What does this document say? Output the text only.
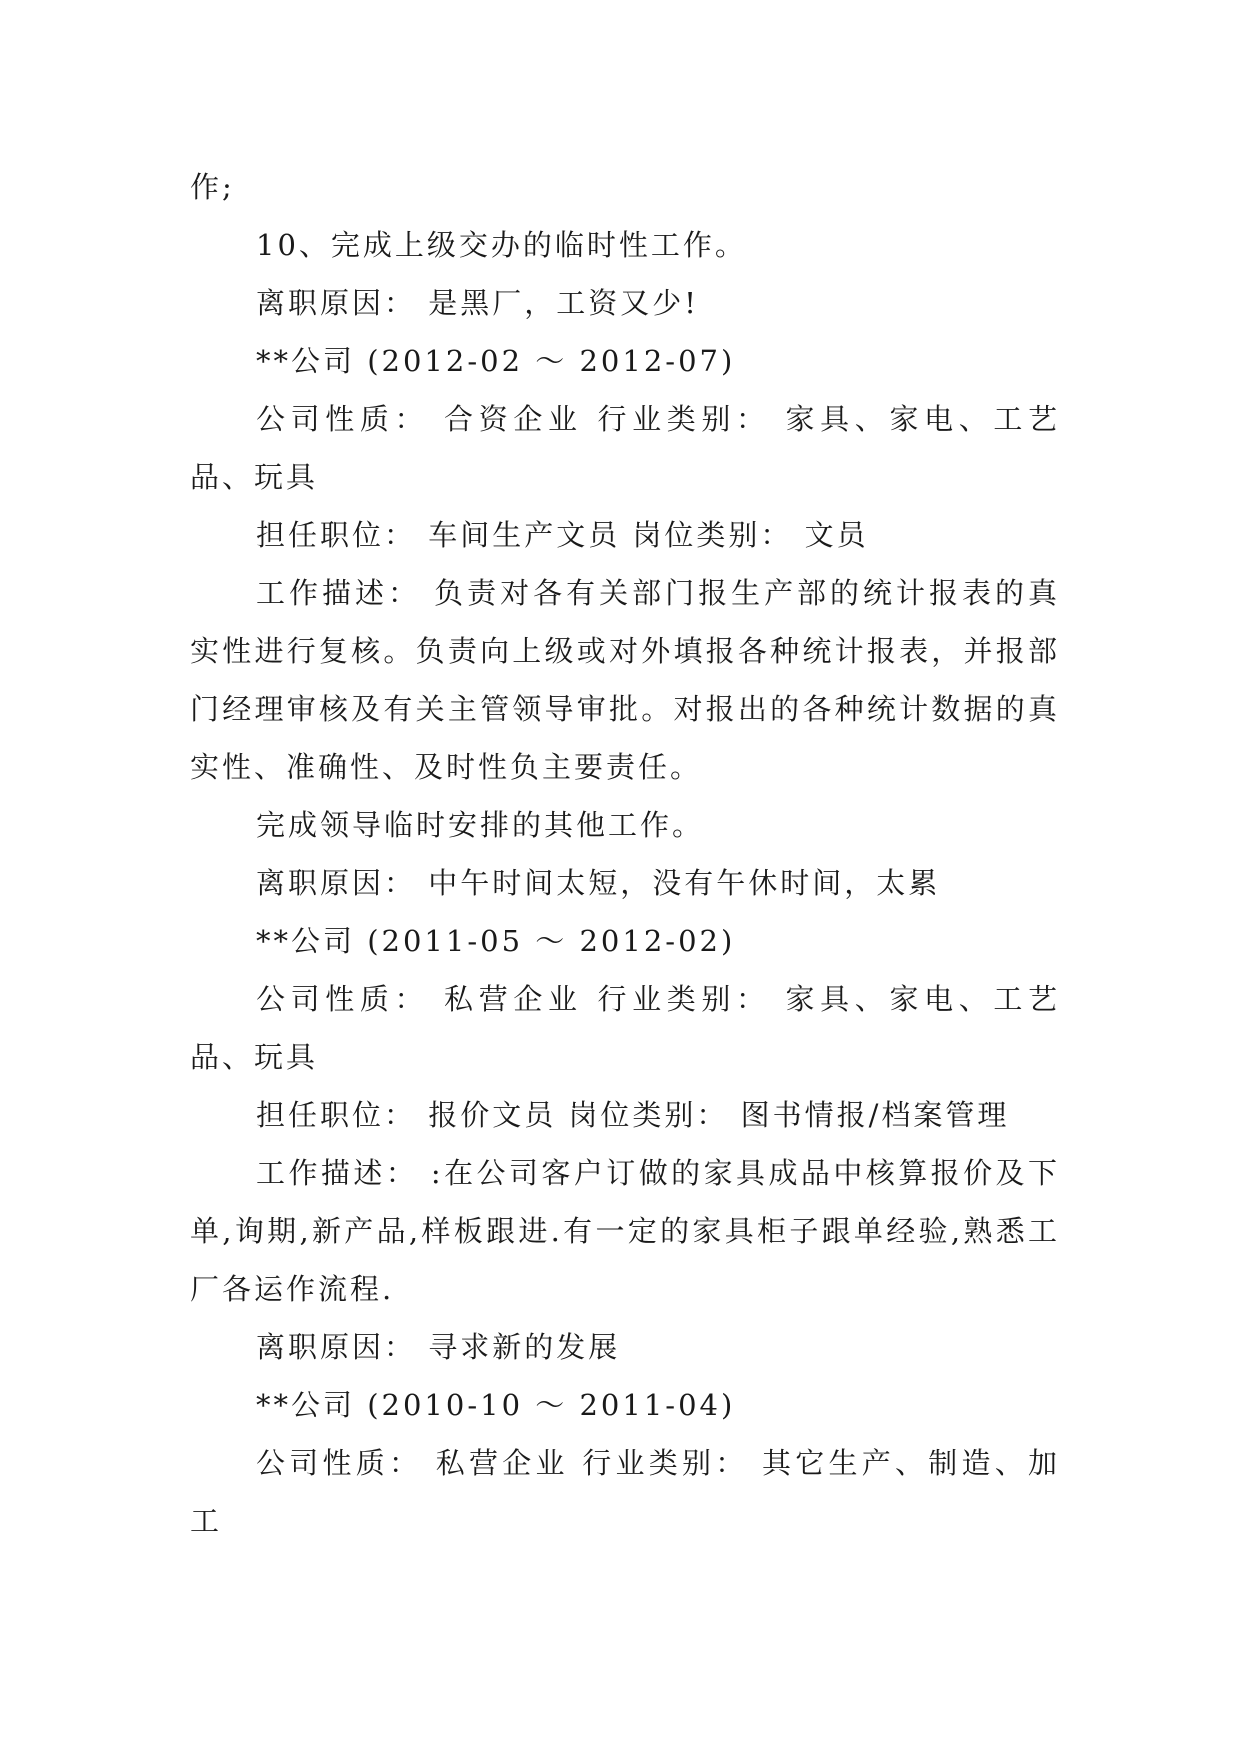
作;

10、完成上级交办的临时性工作。

离职原因： 是黑厂，工资又少!

**公司 (2012-02 ～ 2012-07)

公司性质： 合资企业 行业类别： 家具、家电、工艺品、玩具

担任职位： 车间生产文员 岗位类别： 文员

工作描述： 负责对各有关部门报生产部的统计报表的真实性进行复核。负责向上级或对外填报各种统计报表，并报部门经理审核及有关主管领导审批。对报出的各种统计数据的真实性、准确性、及时性负主要责任。

完成领导临时安排的其他工作。

离职原因： 中午时间太短，没有午休时间，太累

**公司 (2011-05 ～ 2012-02)

公司性质： 私营企业 行业类别： 家具、家电、工艺品、玩具

担任职位： 报价文员 岗位类别： 图书情报/档案管理

工作描述： :在公司客户订做的家具成品中核算报价及下单,询期,新产品,样板跟进.有一定的家具柜子跟单经验,熟悉工厂各运作流程.

离职原因： 寻求新的发展

**公司 (2010-10 ～ 2011-04)

公司性质： 私营企业 行业类别： 其它生产、制造、加工
